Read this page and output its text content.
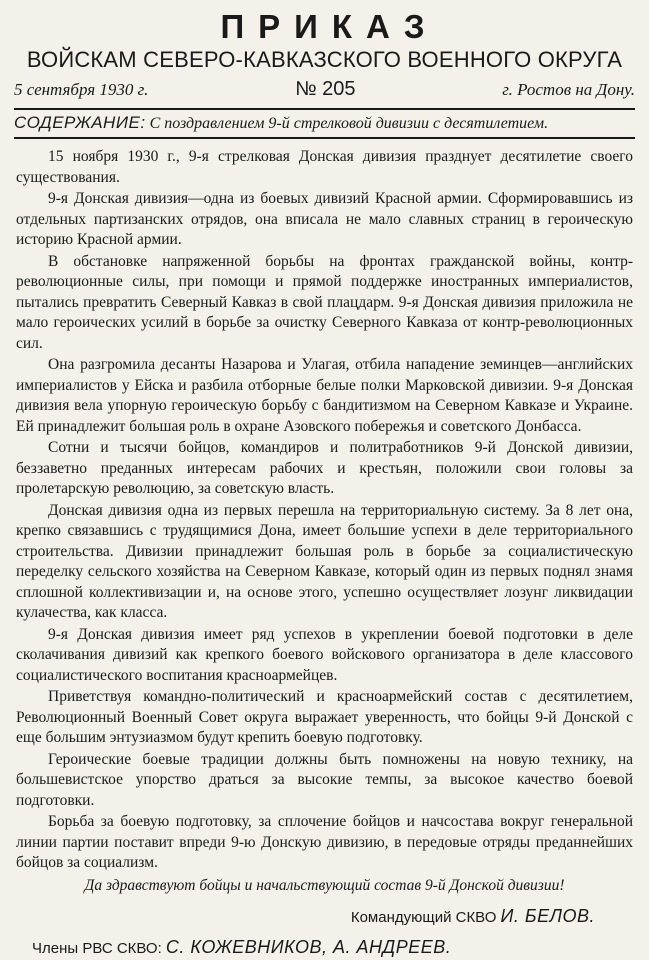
ПРИКАЗ
ВОЙСКАМ СЕВЕРО-КАВКАЗСКОГО ВОЕННОГО ОКРУГА
5 сентября 1930 г.	№ 205	г. Ростов на Дону.
СОДЕРЖАНИЕ: С поздравлением 9-й стрелковой дивизии с десятилетием.

15 ноября 1930 г., 9-я стрелковая Донская дивизия празднует десятилетие своего существования.

9-я Донская дивизия—одна из боевых дивизий Красной армии. Сформировавшись из отдельных партизанских отрядов, она вписала не мало славных страниц в героическую историю Красной армии.

В обстановке напряженной борьбы на фронтах гражданской войны, контр-революционные силы, при помощи и прямой поддержке иностранных империалистов, пытались превратить Северный Кавказ в свой плацдарм. 9-я Донская дивизия приложила не мало героических усилий в борьбе за очистку Северного Кавказа от контр-революционных сил.

Она разгромила десанты Назарова и Улагая, отбила нападение земинцев—английских империалистов у Ейска и разбила отборные белые полки Марковской дивизии. 9-я Донская дивизия вела упорную героическую борьбу с бандитизмом на Северном Кавказе и Украине. Ей принадлежит большая роль в охране Азовского побережья и советского Донбасса.

Сотни и тысячи бойцов, командиров и политработников 9-й Донской дивизии, беззаветно преданных интересам рабочих и крестьян, положили свои головы за пролетарскую революцию, за советскую власть.

Донская дивизия одна из первых перешла на территориальную систему. За 8 лет она, крепко связавшись с трудящимися Дона, имеет большие успехи в деле территориального строительства. Дивизии принадлежит большая роль в борьбе за социалистическую переделку сельского хозяйства на Северном Кавказе, который один из первых поднял знамя сплошной коллективизации и, на основе этого, успешно осуществляет лозунг ликвидации кулачества, как класса.

9-я Донская дивизия имеет ряд успехов в укреплении боевой подготовки в деле сколачивания дивизий как крепкого боевого войскового организатора в деле классового социалистического воспитания красноармейцев.

Приветствуя командно-политический и красноармейский состав с десятилетием, Революционный Военный Совет округа выражает уверенность, что бойцы 9-й Донской с еще большим энтузиазмом будут крепить боевую подготовку.

Героические боевые традиции должны быть помножены на новую технику, на большевистское упорство драться за высокие темпы, за высокое качество боевой подготовки.

Борьба за боевую подготовку, за сплочение бойцов и начсостава вокруг генеральной линии партии поставит впреди 9-ю Донскую дивизию, в передовые отряды преданнейших бойцов за социализм.

Да здравствуют бойцы и начальствующий состав 9-й Донской дивизии!

Командующий СКВО И. БЕЛОВ.
Члены РВС СКВО: С. КОЖЕВНИКОВ, А. АНДРЕЕВ.
